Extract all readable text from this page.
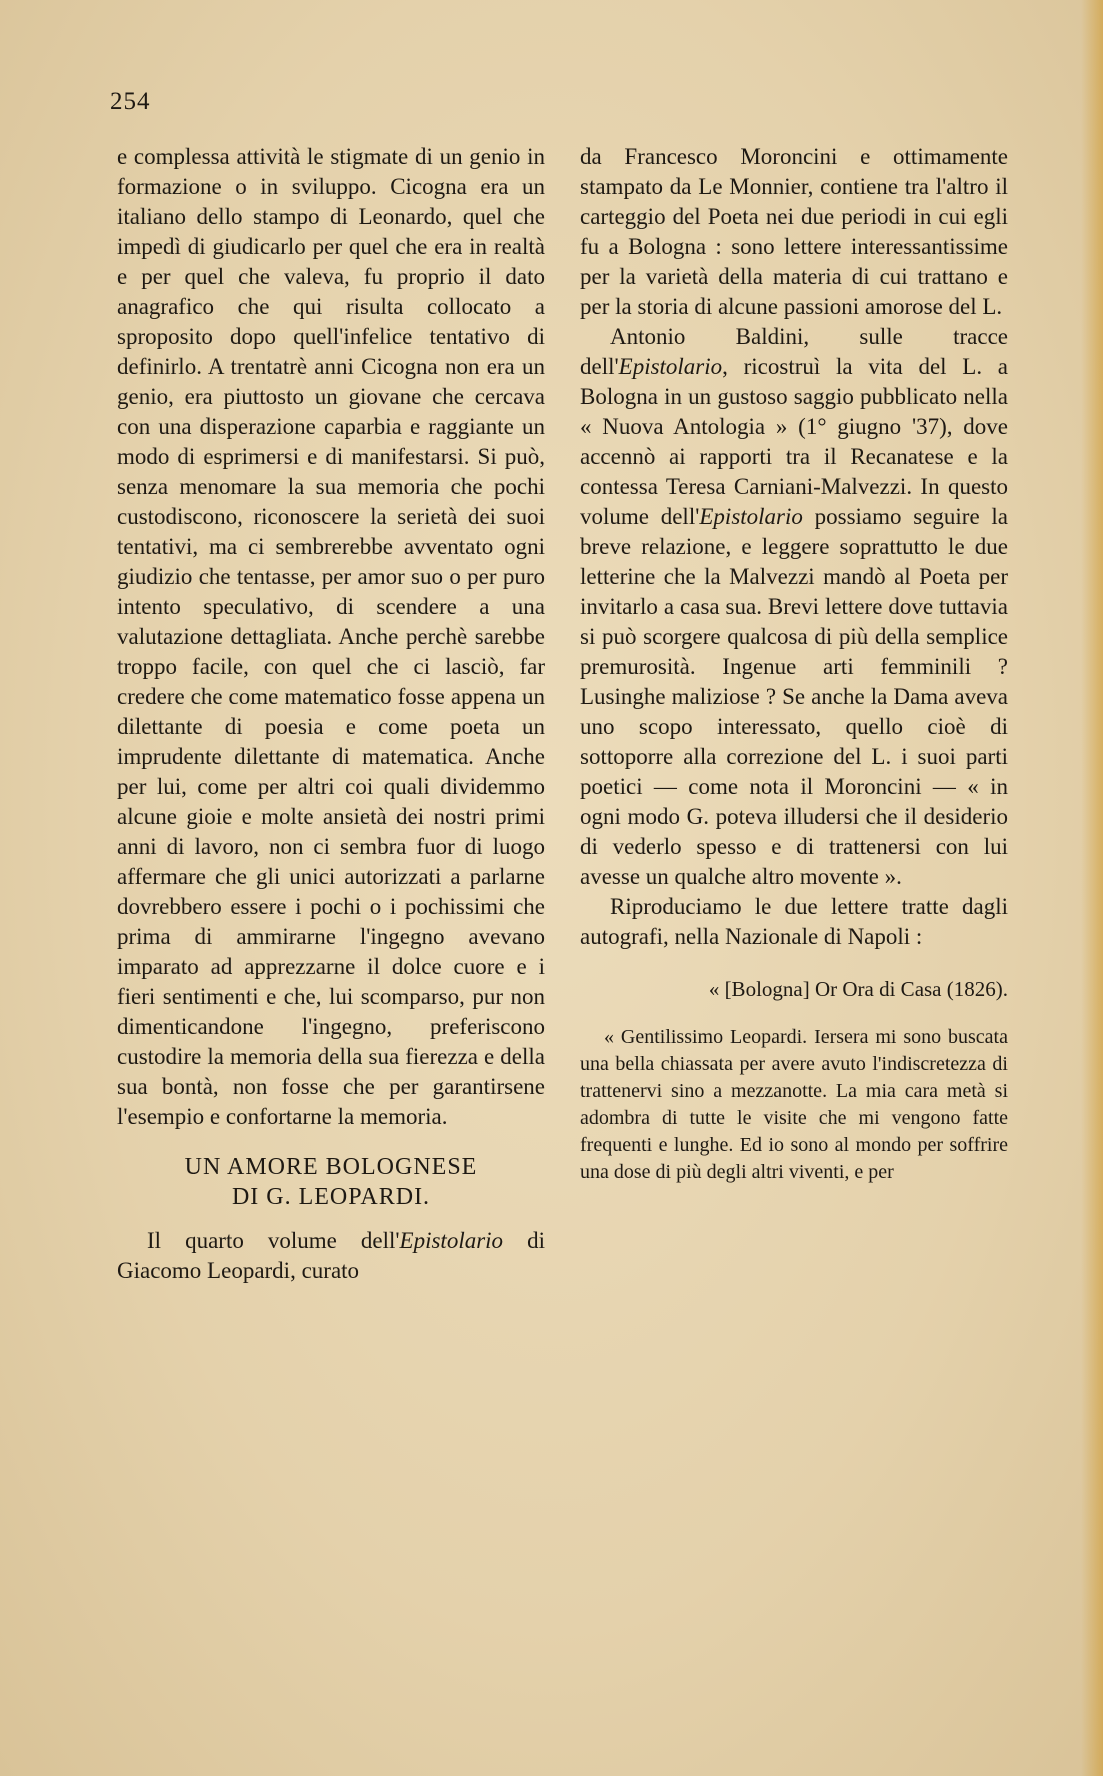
254

e complessa attività le stigmate di un genio in formazione o in sviluppo. Cicogna era un italiano dello stampo di Leonardo, quel che impedì di giudicarlo per quel che era in realtà e per quel che valeva, fu proprio il dato anagrafico che qui risulta collocato a sproposito dopo quell'infelice tentativo di definirlo. A trentatrè anni Cicogna non era un genio, era piuttosto un giovane che cercava con una disperazione caparbia e raggiante un modo di esprimersi e di manifestarsi. Si può, senza menomare la sua memoria che pochi custodiscono, riconoscere la serietà dei suoi tentativi, ma ci sembrerebbe avventato ogni giudizio che tentasse, per amor suo o per puro intento speculativo, di scendere a una valutazione dettagliata. Anche perchè sarebbe troppo facile, con quel che ci lasciò, far credere che come matematico fosse appena un dilettante di poesia e come poeta un imprudente dilettante di matematica. Anche per lui, come per altri coi quali dividemmo alcune gioie e molte ansietà dei nostri primi anni di lavoro, non ci sembra fuor di luogo affermare che gli unici autorizzati a parlarne dovrebbero essere i pochi o i pochissimi che prima di ammirarne l'ingegno avevano imparato ad apprezzarne il dolce cuore e i fieri sentimenti e che, lui scomparso, pur non dimenticandone l'ingegno, preferiscono custodire la memoria della sua fierezza e della sua bontà, non fosse che per garantirsene l'esempio e confortarne la memoria.

UN AMORE BOLOGNESE
DI G. LEOPARDI.

Il quarto volume dell'Epistolario di Giacomo Leopardi, curato

da Francesco Moroncini e ottimamente stampato da Le Monnier, contiene tra l'altro il carteggio del Poeta nei due periodi in cui egli fu a Bologna : sono lettere interessantissime per la varietà della materia di cui trattano e per la storia di alcune passioni amorose del L.

Antonio Baldini, sulle tracce dell'Epistolario, ricostruì la vita del L. a Bologna in un gustoso saggio pubblicato nella « Nuova Antologia » (1° giugno '37), dove accennò ai rapporti tra il Recanatese e la contessa Teresa Carniani-Malvezzi. In questo volume dell'Epistolario possiamo seguire la breve relazione, e leggere soprattutto le due letterine che la Malvezzi mandò al Poeta per invitarlo a casa sua. Brevi lettere dove tuttavia si può scorgere qualcosa di più della semplice premurosità. Ingenue arti femminili ? Lusinghe maliziose ? Se anche la Dama aveva uno scopo interessato, quello cioè di sottoporre alla correzione del L. i suoi parti poetici — come nota il Moroncini — « in ogni modo G. poteva illudersi che il desiderio di vederlo spesso e di trattenersi con lui avesse un qualche altro movente ».

Riproduciamo le due lettere tratte dagli autografi, nella Nazionale di Napoli :

« [Bologna] Or Ora di Casa (1826).

« Gentilissimo Leopardi. Iersera mi sono buscata una bella chiassata per avere avuto l'indiscretezza di trattenervi sino a mezzanotte. La mia cara metà si adombra di tutte le visite che mi vengono fatte frequenti e lunghe. Ed io sono al mondo per soffrire una dose di più degli altri viventi, e per
